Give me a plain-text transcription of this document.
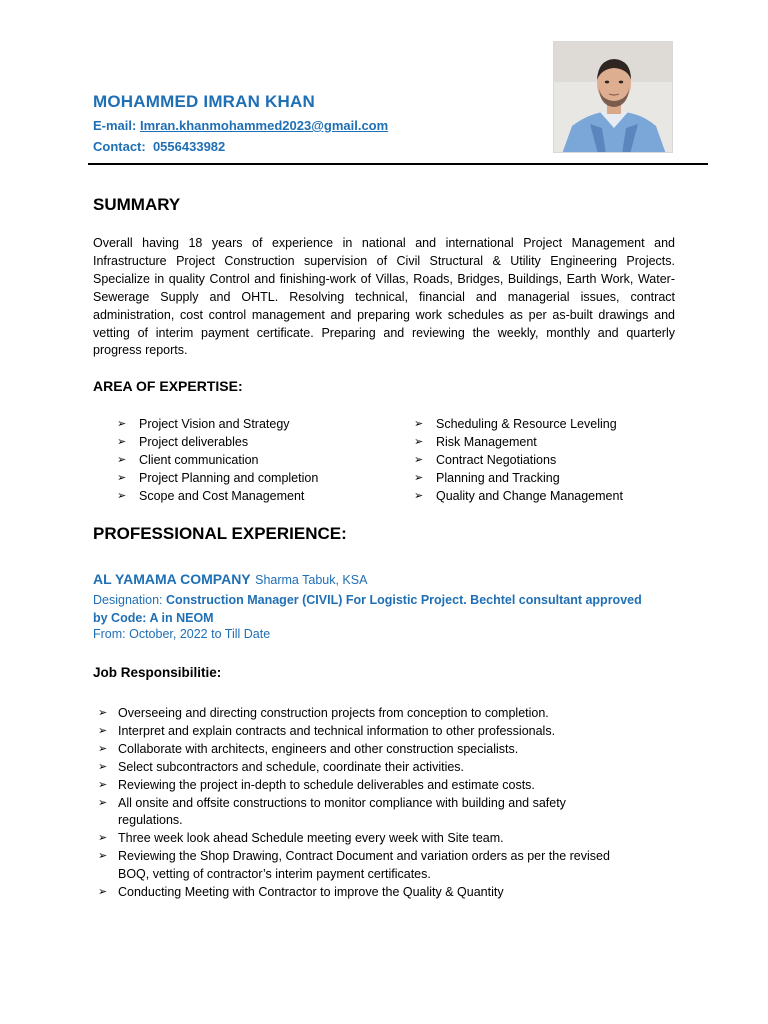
MOHAMMED IMRAN KHAN
E-mail: Imran.khanmohammed2023@gmail.com
Contact: 0556433982
SUMMARY

Overall having 18 years of experience in national and international Project Management and Infrastructure Project Construction supervision of Civil Structural & Utility Engineering Projects. Specialize in quality Control and finishing-work of Villas, Roads, Bridges, Buildings, Earth Work, Water-Sewerage Supply and OHTL. Resolving technical, financial and managerial issues, contract administration, cost control management and preparing work schedules as per as-built drawings and vetting of interim payment certificate. Preparing and reviewing the weekly, monthly and quarterly progress reports.

AREA OF EXPERTISE:
➢ Project Vision and Strategy
➢ Project deliverables
➢ Client communication
➢ Project Planning and completion
➢ Scope and Cost Management
➢ Scheduling & Resource Leveling
➢ Risk Management
➢ Contract Negotiations
➢ Planning and Tracking
➢ Quality and Change Management
PROFESSIONAL EXPERIENCE:
AL YAMAMA COMPANY Sharma Tabuk, KSA
Designation: Construction Manager (CIVIL) For Logistic Project. Bechtel consultant approved by Code: A in NEOM
From: October, 2022 to Till Date
Job Responsibilitie:
➢ Overseeing and directing construction projects from conception to completion.
➢ Interpret and explain contracts and technical information to other professionals.
➢ Collaborate with architects, engineers and other construction specialists.
➢ Select subcontractors and schedule, coordinate their activities.
➢ Reviewing the project in-depth to schedule deliverables and estimate costs.
➢ All onsite and offsite constructions to monitor compliance with building and safety regulations.
➢ Three week look ahead Schedule meeting every week with Site team.
➢ Reviewing the Shop Drawing, Contract Document and variation orders as per the revised BOQ, vetting of contractor’s interim payment certificates.
➢ Conducting Meeting with Contractor to improve the Quality & Quantity
